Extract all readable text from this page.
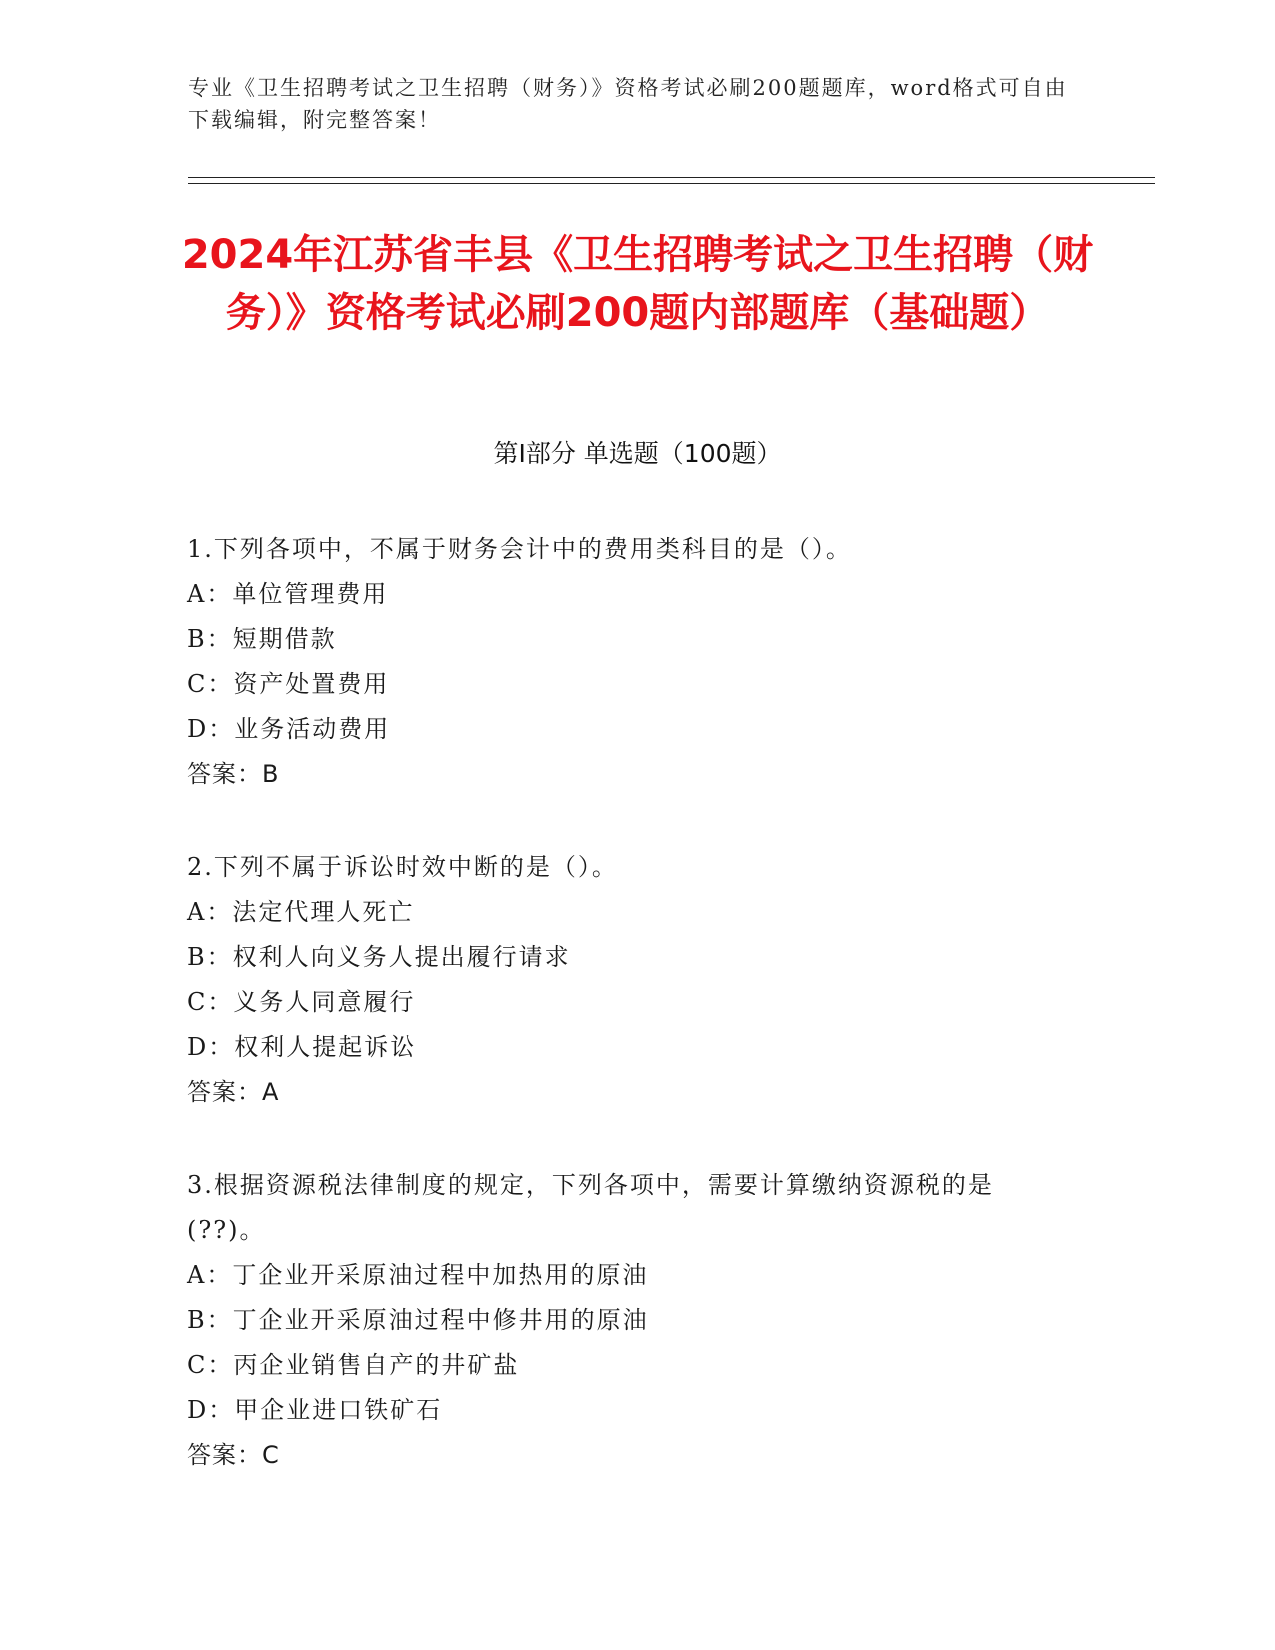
专业《卫生招聘考试之卫生招聘（财务）》资格考试必刷200题题库，word格式可自由下载编辑，附完整答案！
2024年江苏省丰县《卫生招聘考试之卫生招聘（财务）》资格考试必刷200题内部题库（基础题）
第I部分 单选题（100题）
1.下列各项中，不属于财务会计中的费用类科目的是（）。
A：单位管理费用
B：短期借款
C：资产处置费用
D：业务活动费用
答案：B
2.下列不属于诉讼时效中断的是（）。
A：法定代理人死亡
B：权利人向义务人提出履行请求
C：义务人同意履行
D：权利人提起诉讼
答案：A
3.根据资源税法律制度的规定，下列各项中，需要计算缴纳资源税的是(??)。
A：丁企业开采原油过程中加热用的原油
B：丁企业开采原油过程中修井用的原油
C：丙企业销售自产的井矿盐
D：甲企业进口铁矿石
答案：C
